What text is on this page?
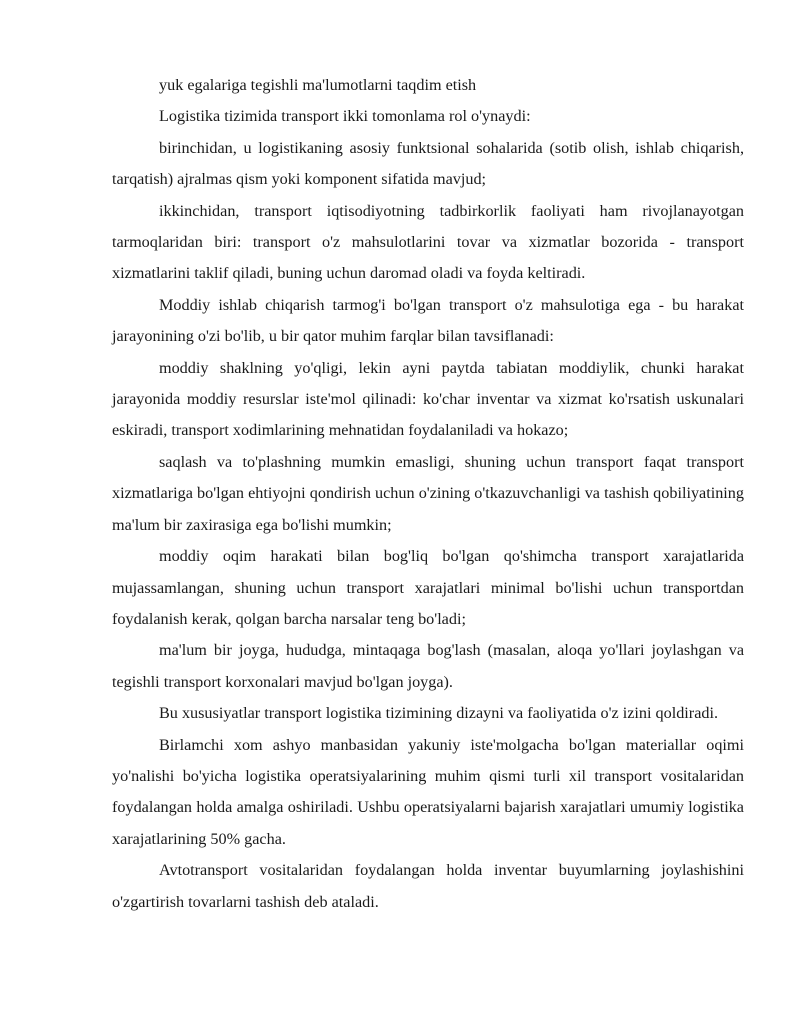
yuk egalariga tegishli ma'lumotlarni taqdim etish

Logistika tizimida transport ikki tomonlama rol o'ynaydi:

birinchidan, u logistikaning asosiy funktsional sohalarida (sotib olish, ishlab chiqarish, tarqatish) ajralmas qism yoki komponent sifatida mavjud;

ikkinchidan, transport iqtisodiyotning tadbirkorlik faoliyati ham rivojlanayotgan tarmoqlaridan biri: transport o'z mahsulotlarini tovar va xizmatlar bozorida - transport xizmatlarini taklif qiladi, buning uchun daromad oladi va foyda keltiradi.

Moddiy ishlab chiqarish tarmog'i bo'lgan transport o'z mahsulotiga ega - bu harakat jarayonining o'zi bo'lib, u bir qator muhim farqlar bilan tavsiflanadi:

moddiy shaklning yo'qligi, lekin ayni paytda tabiatan moddiylik, chunki harakat jarayonida moddiy resurslar iste'mol qilinadi: ko'char inventar va xizmat ko'rsatish uskunalari eskiradi, transport xodimlarining mehnatidan foydalaniladi va hokazo;

saqlash va to'plashning mumkin emasligi, shuning uchun transport faqat transport xizmatlariga bo'lgan ehtiyojni qondirish uchun o'zining o'tkazuvchanligi va tashish qobiliyatining ma'lum bir zaxirasiga ega bo'lishi mumkin;

moddiy oqim harakati bilan bog'liq bo'lgan qo'shimcha transport xarajatlarida mujassamlangan, shuning uchun transport xarajatlari minimal bo'lishi uchun transportdan foydalanish kerak, qolgan barcha narsalar teng bo'ladi;

ma'lum bir joyga, hududga, mintaqaga bog'lash (masalan, aloqa yo'llari joylashgan va tegishli transport korxonalari mavjud bo'lgan joyga).

Bu xususiyatlar transport logistika tizimining dizayni va faoliyatida o'z izini qoldiradi.

Birlamchi xom ashyo manbasidan yakuniy iste'molgacha bo'lgan materiallar oqimi yo'nalishi bo'yicha logistika operatsiyalarining muhim qismi turli xil transport vositalaridan foydalangan holda amalga oshiriladi. Ushbu operatsiyalarni bajarish xarajatlari umumiy logistika xarajatlarining 50% gacha.

Avtotransport vositalaridan foydalangan holda inventar buyumlarning joylashishini o'zgartirish tovarlarni tashish deb ataladi.
